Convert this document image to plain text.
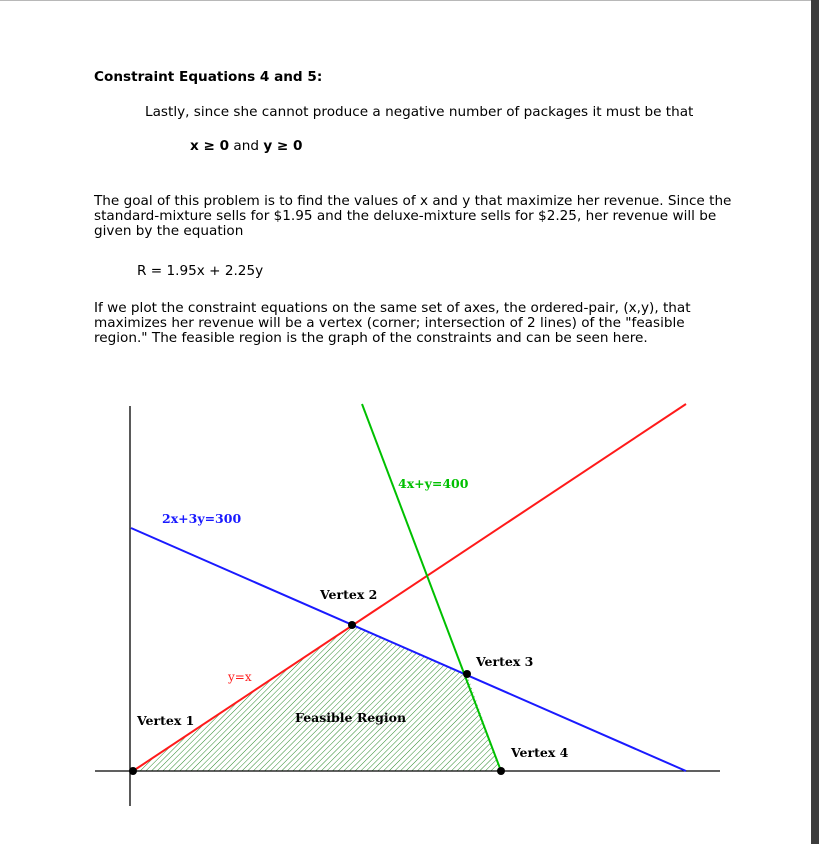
Constraint Equations 4 and 5:

Lastly, since she cannot produce a negative number of packages it must be that

x ≥ 0 and y ≥ 0

The goal of this problem is to find the values of x and y that maximize her revenue. Since the standard-mixture sells for $1.95 and the deluxe-mixture sells for $2.25, her revenue will be given by the equation

R = 1.95x + 2.25y

If we plot the constraint equations on the same set of axes, the ordered-pair, (x,y), that maximizes her revenue will be a vertex (corner; intersection of 2 lines) of the "feasible region." The feasible region is the graph of the constraints and can be seen here.

2x+3y=300
4x+y=400
y=x
Feasible Region
Vertex 1
Vertex 2
Vertex 3
Vertex 4
